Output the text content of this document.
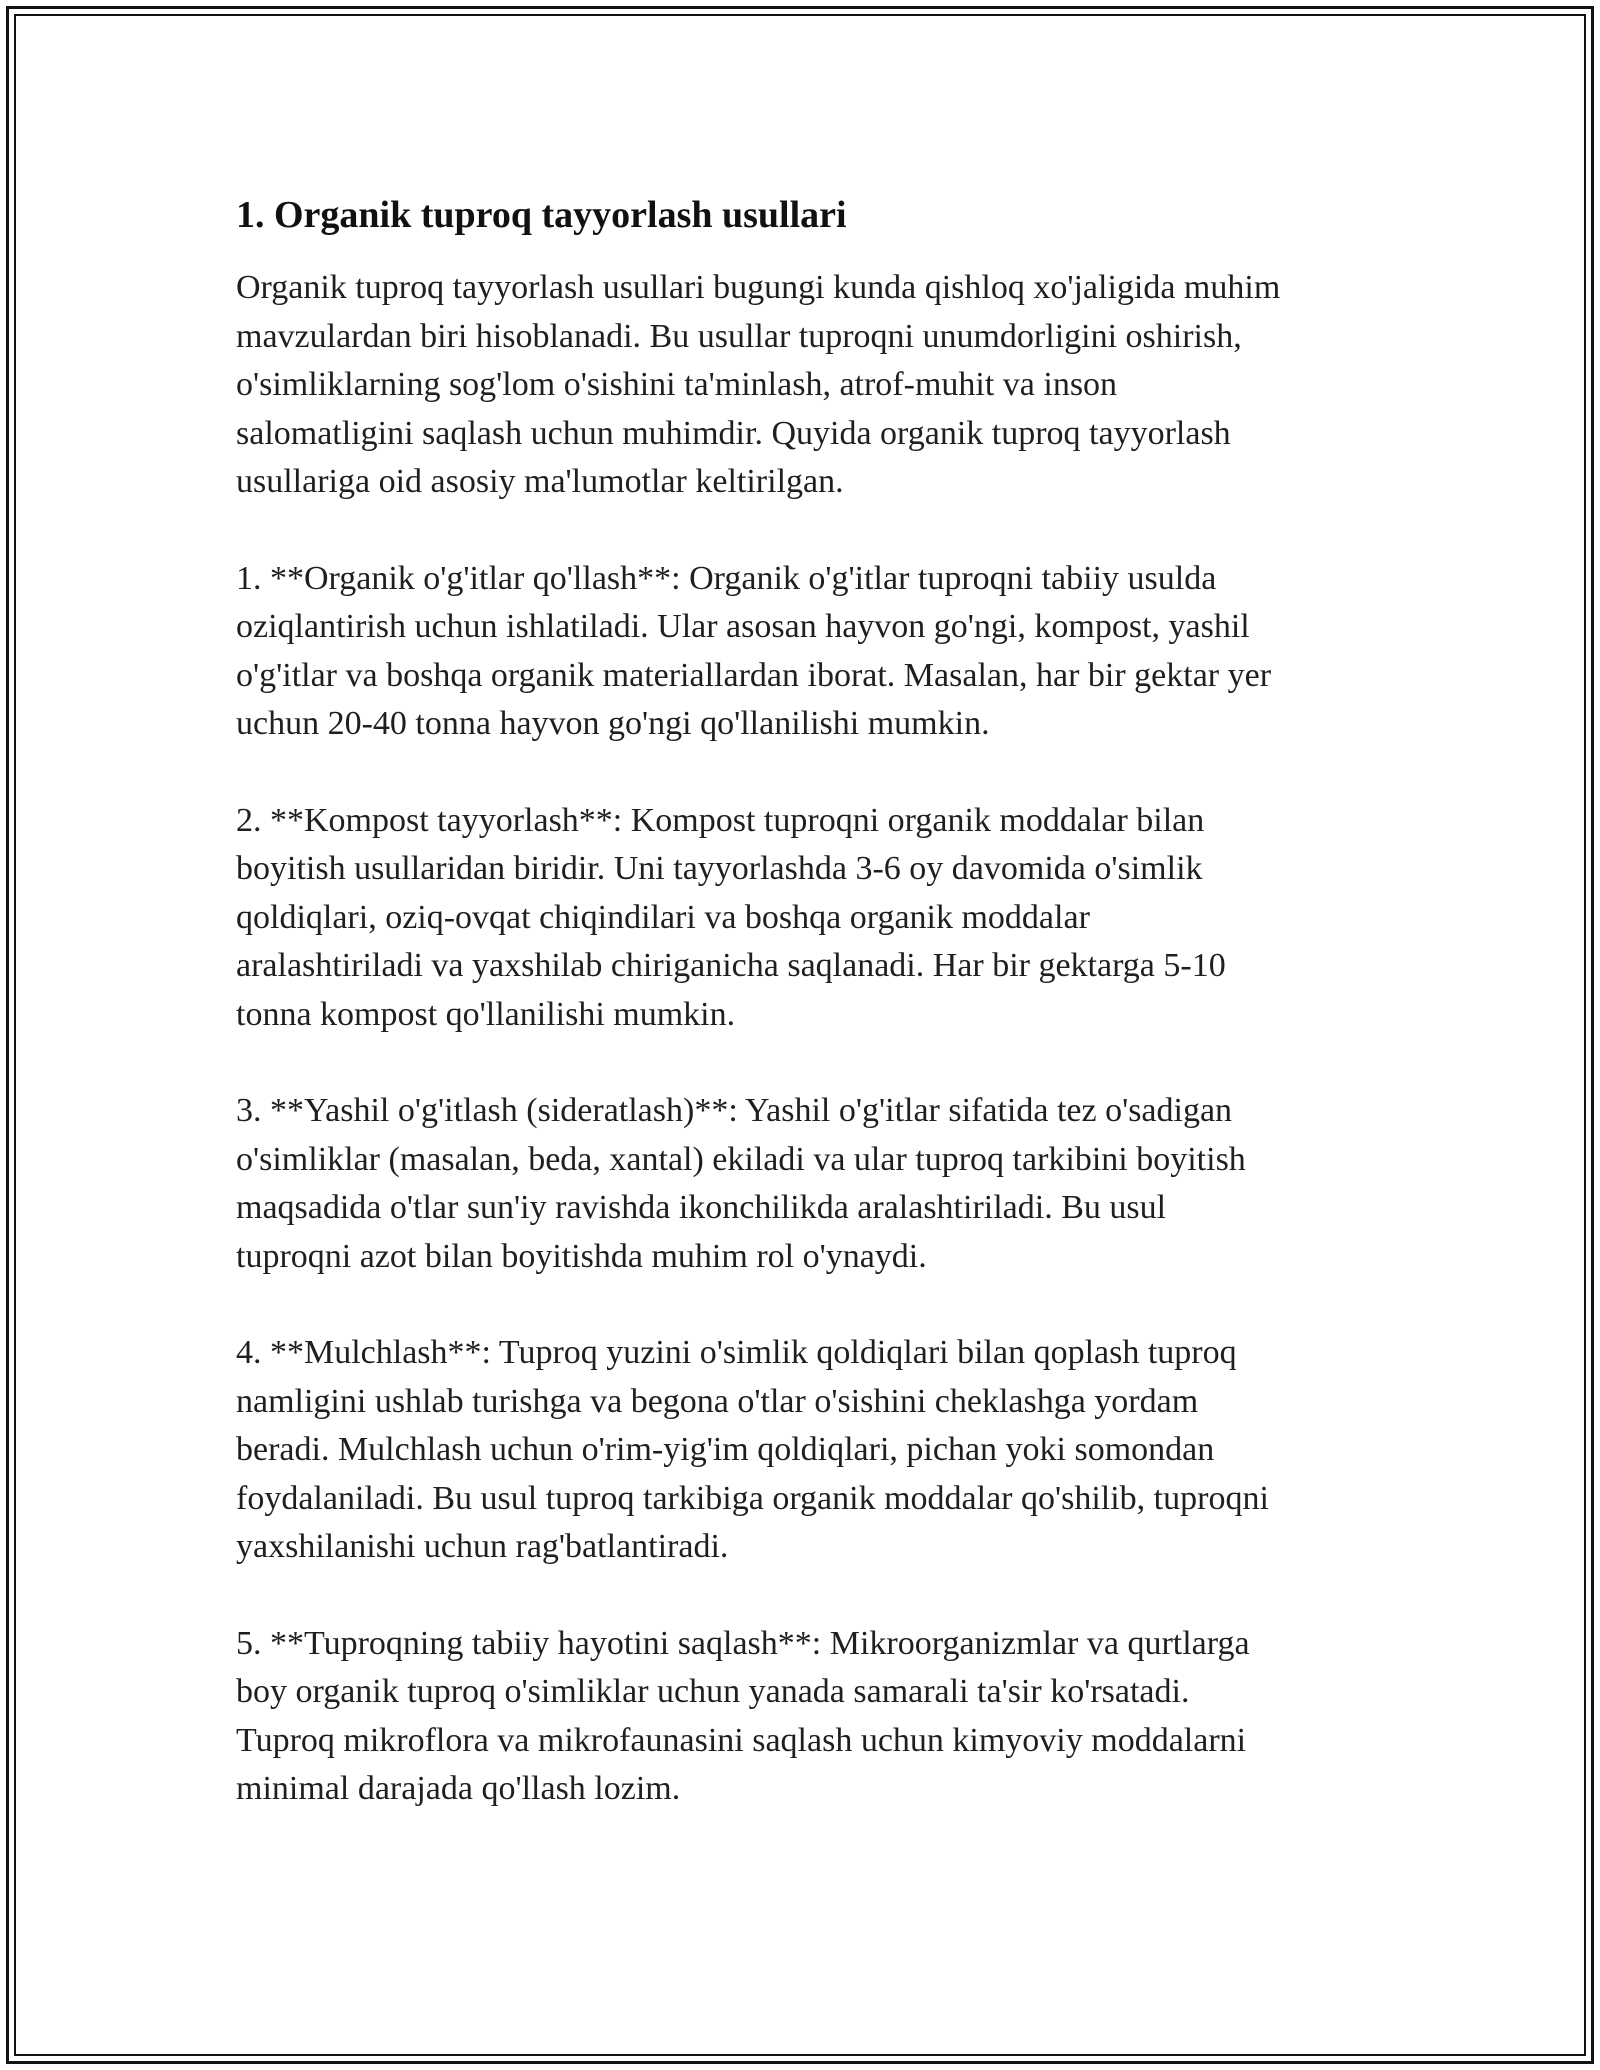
1. Organik tuproq tayyorlash usullari
Organik tuproq tayyorlash usullari bugungi kunda qishloq xo'jaligida muhim
mavzulardan biri hisoblanadi. Bu usullar tuproqni unumdorligini oshirish,
o'simliklarning sog'lom o'sishini ta'minlash, atrof-muhit va inson
salomatligini saqlash uchun muhimdir. Quyida organik tuproq tayyorlash
usullariga oid asosiy ma'lumotlar keltirilgan.
1. **Organik o'g'itlar qo'llash**: Organik o'g'itlar tuproqni tabiiy usulda
oziqlantirish uchun ishlatiladi. Ular asosan hayvon go'ngi, kompost, yashil
o'g'itlar va boshqa organik materiallardan iborat. Masalan, har bir gektar yer
uchun 20-40 tonna hayvon go'ngi qo'llanilishi mumkin.
2. **Kompost tayyorlash**: Kompost tuproqni organik moddalar bilan
boyitish usullaridan biridir. Uni tayyorlashda 3-6 oy davomida o'simlik
qoldiqlari, oziq-ovqat chiqindilari va boshqa organik moddalar
aralashtiriladi va yaxshilab chiriganicha saqlanadi. Har bir gektarga 5-10
tonna kompost qo'llanilishi mumkin.
3. **Yashil o'g'itlash (sideratlash)**: Yashil o'g'itlar sifatida tez o'sadigan
o'simliklar (masalan, beda, xantal) ekiladi va ular tuproq tarkibini boyitish
maqsadida o'tlar sun'iy ravishda ikonchilikda aralashtiriladi. Bu usul
tuproqni azot bilan boyitishda muhim rol o'ynaydi.
4. **Mulchlash**: Tuproq yuzini o'simlik qoldiqlari bilan qoplash tuproq
namligini ushlab turishga va begona o'tlar o'sishini cheklashga yordam
beradi. Mulchlash uchun o'rim-yig'im qoldiqlari, pichan yoki somondan
foydalaniladi. Bu usul tuproq tarkibiga organik moddalar qo'shilib, tuproqni
yaxshilanishi uchun rag'batlantiradi.
5. **Tuproqning tabiiy hayotini saqlash**: Mikroorganizmlar va qurtlarga
boy organik tuproq o'simliklar uchun yanada samarali ta'sir ko'rsatadi.
Tuproq mikroflora va mikrofaunasini saqlash uchun kimyoviy moddalarni
minimal darajada qo'llash lozim.
